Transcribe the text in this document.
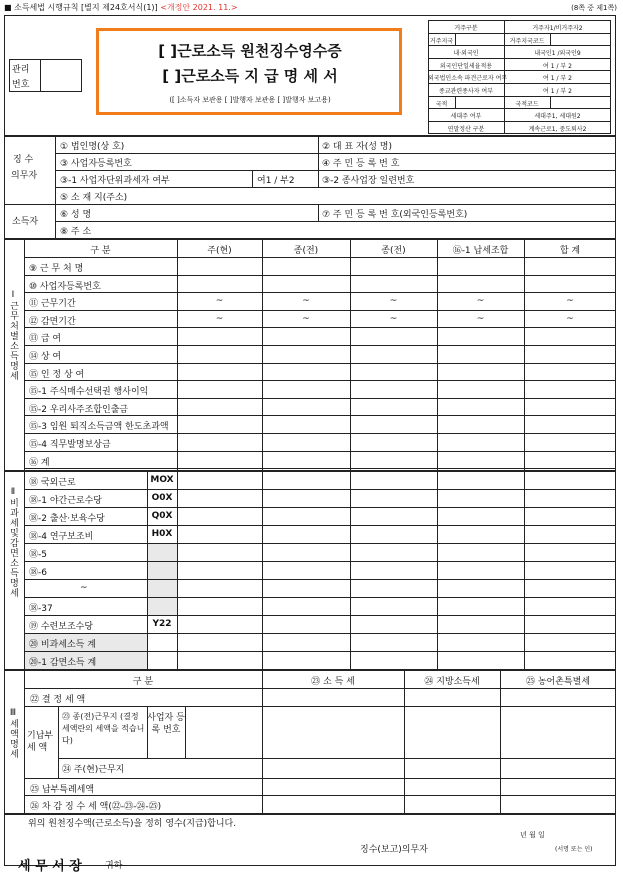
■ 소득세법 시행규칙 [별지 제24호서식(1)] <개정안 2021. 11.>	(8쪽 중 제1쪽)
관리
번호
[ ]근로소득 원천징수영수증
[ ]근로소득 지 급 명 세 서
([ ]소득자 보관용 [ ]발행자 보관용 [ ]발행자 보고용)
거주구분	거주자1/비거주자2
거주지국	거주지국코드
내·외국인	내국인1 /외국인9
외국인단일세율적용	여 1 / 부 2
외국법인소속 파견근로자 여부	여 1 / 부 2
종교관련종사자 여부	여 1 / 부 2
국적	국적코드
세대주 여부	세대주1, 세대원2
연말정산 구분	계속근로1, 중도퇴사2
징 수
의무자
① 법인명(상 호)	② 대 표 자(성 명)
③ 사업자등록번호	④ 주 민 등 록 번 호
③-1 사업자단위과세자 여부	여1 / 부2	③-2 종사업장 일련번호
⑤ 소 재 지(주소)
소득자
⑥ 성 명	⑦ 주 민 등 록 번 호(외국인등록번호)
⑧ 주 소
Ⅰ근무처별소득명세
구 분	주(현)	종(전)	종(전)	⑯-1 납세조합	합 계
⑨ 근 무 처 명
⑩ 사업자등록번호
⑪ 근무기간	~	~	~	~	~
⑫ 감면기간	~	~	~	~	~
⑬ 급 여
⑭ 상 여
⑮ 인 정 상 여
⑮-1 주식매수선택권 행사이익
⑮-2 우리사주조합인출금
⑮-3 임원 퇴직소득금액 한도초과액
⑮-4 직무발명보상금
⑯ 계
Ⅱ비과세및감면소득명세
⑱ 국외근로	MOX
⑱-1 야간근로수당	O0X
⑱-2 출산·보육수당	Q0X
⑱-4 연구보조비	H0X
⑱-5
⑱-6
~
⑱-37
⑲ 수련보조수당	Y22
⑳ 비과세소득 계
⑳-1 감면소득 계
Ⅲ세액명세
구 분	㉓ 소 득 세	㉔ 지방소득세	㉕ 농어촌특별세
㉒ 결 정 세 액
기납부 세 액
㉓ 종(전)근무지 (결정세액란의 세액을 적습니다)
사업자 등록 번호
㉔ 주(현)근무지
㉕ 납부특례세액
㉖ 차 감 징 수 세 액(㉒-㉓-㉔-㉕)
위의 원천징수액(근로소득)을 정히 영수(지급)합니다.
년 월 일
징수(보고)의무자	(서명 또는 인)
세 무 서 장	귀하
